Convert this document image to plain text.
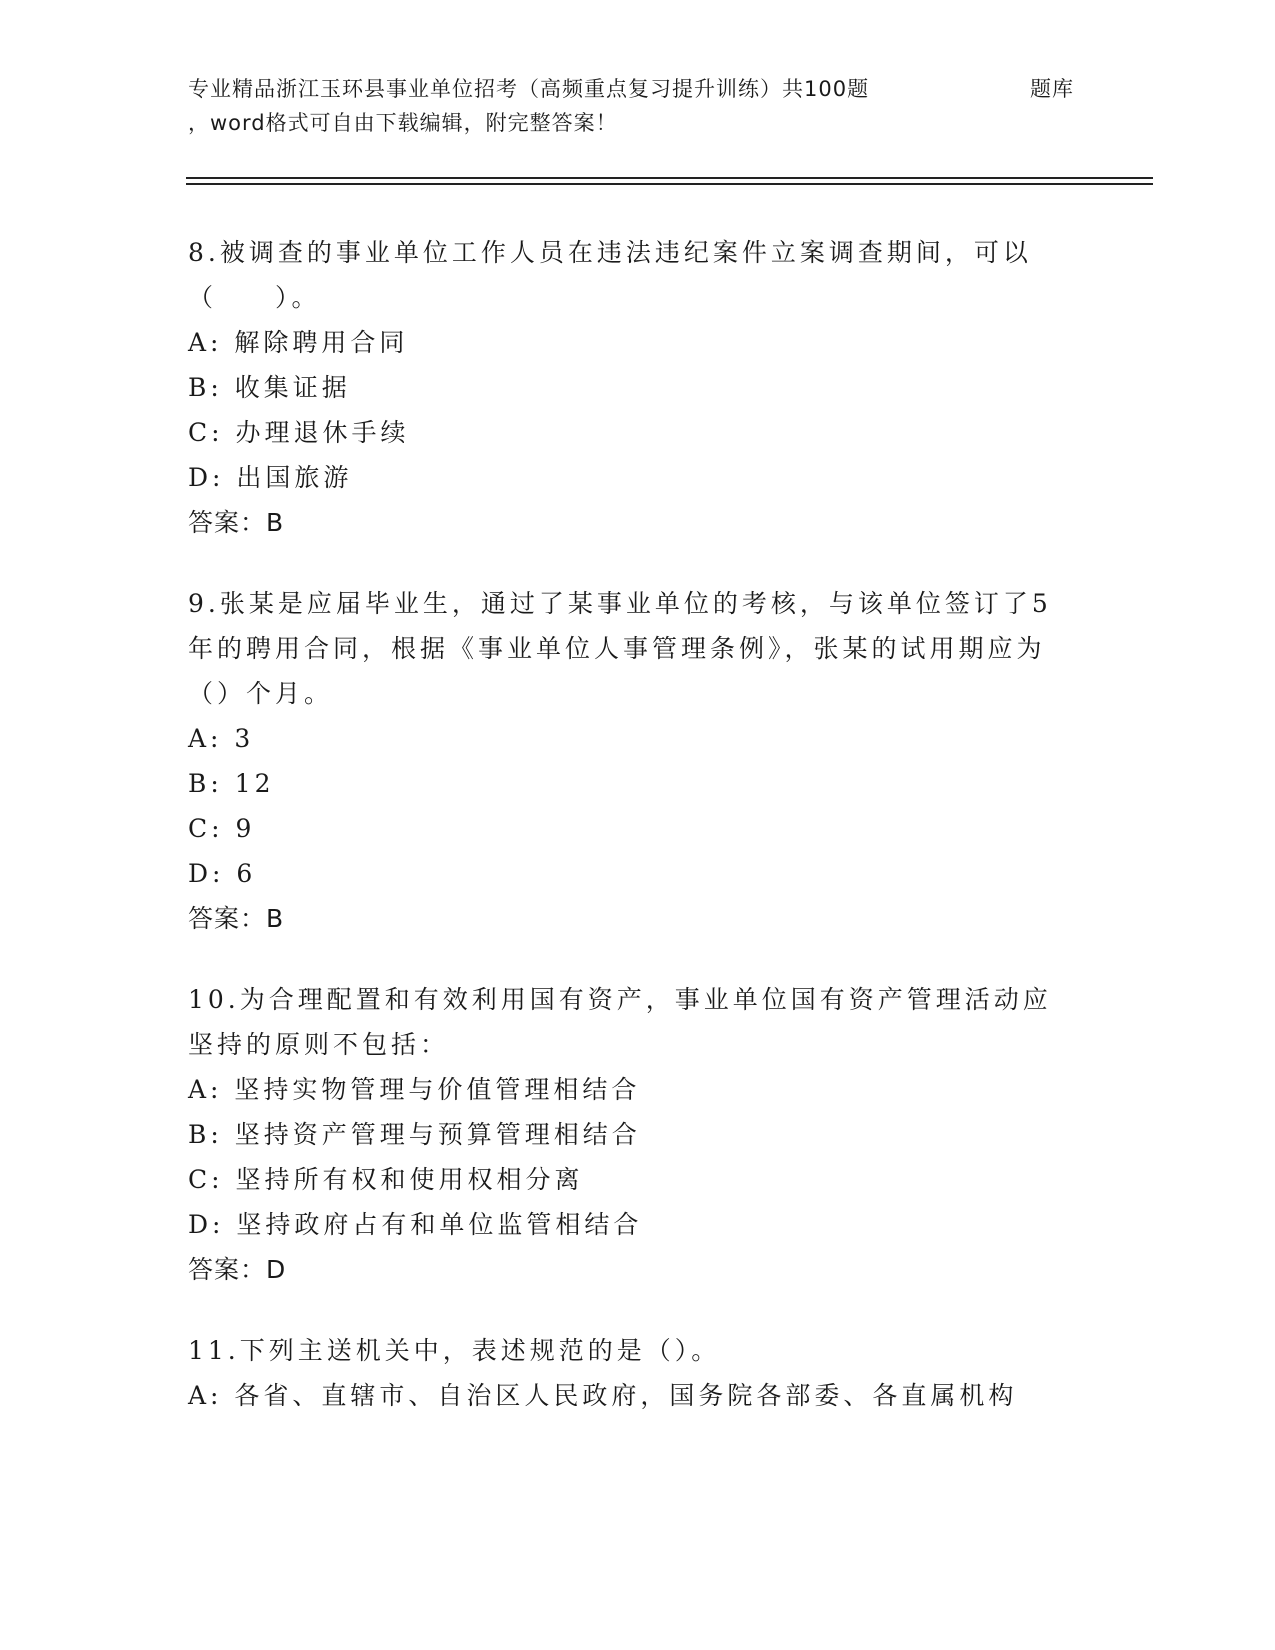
专业精品浙江玉环县事业单位招考（高频重点复习提升训练）共100题	题库
，word格式可自由下载编辑，附完整答案！
8.被调查的事业单位工作人员在违法违纪案件立案调查期间，可以（　　）。
A: 解除聘用合同
B: 收集证据
C: 办理退休手续
D: 出国旅游
答案：B
9.张某是应届毕业生，通过了某事业单位的考核，与该单位签订了5年的聘用合同，根据《事业单位人事管理条例》，张某的试用期应为（）个月。
A: 3
B: 12
C: 9
D: 6
答案：B
10.为合理配置和有效利用国有资产，事业单位国有资产管理活动应坚持的原则不包括：
A: 坚持实物管理与价值管理相结合
B: 坚持资产管理与预算管理相结合
C: 坚持所有权和使用权相分离
D: 坚持政府占有和单位监管相结合
答案：D
11.下列主送机关中，表述规范的是（）。
A: 各省、直辖市、自治区人民政府，国务院各部委、各直属机构
